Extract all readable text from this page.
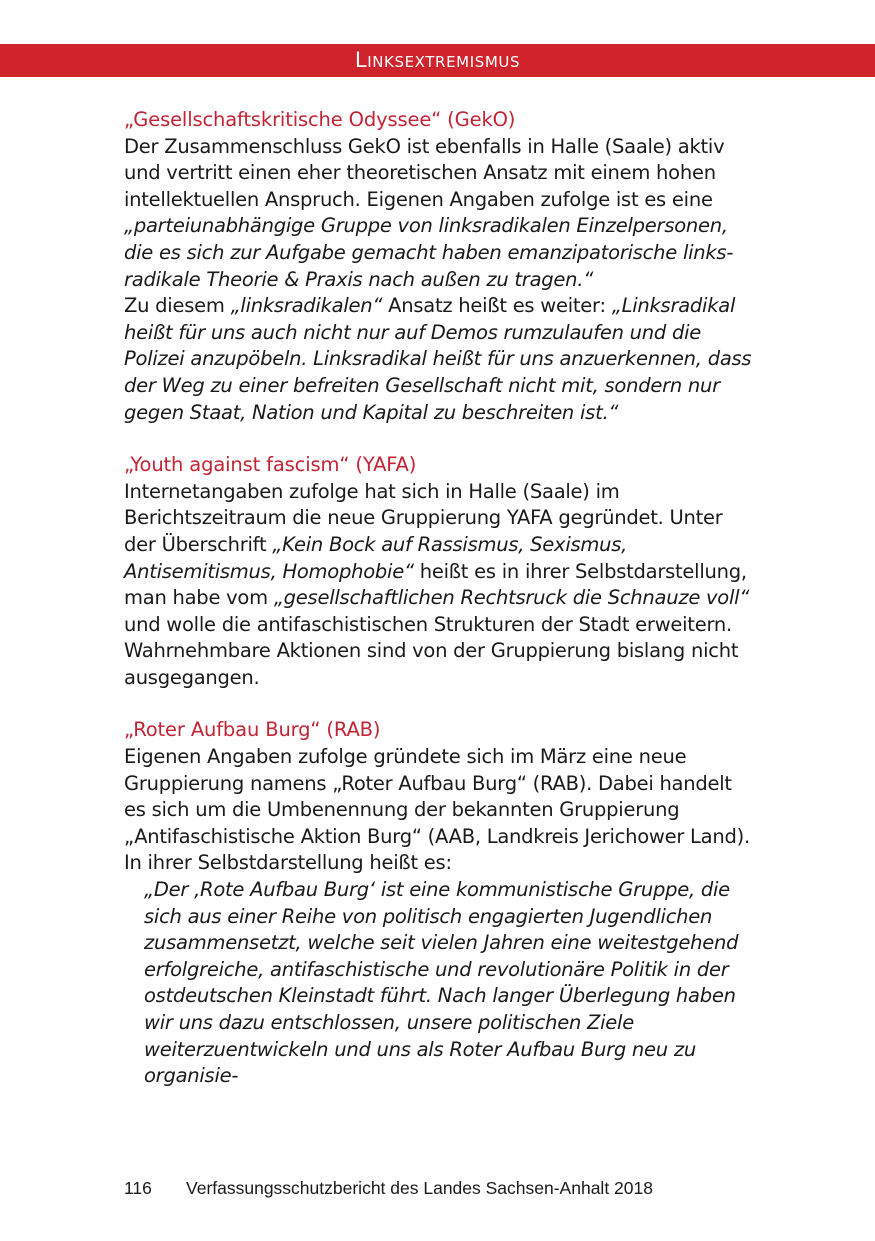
Linksextremismus
„Gesellschaftskritische Odyssee“ (GekO)

Der Zusammenschluss GekO ist ebenfalls in Halle (Saale) aktiv und vertritt einen eher theoretischen Ansatz mit einem hohen intellektuellen Anspruch. Eigenen Angaben zufolge ist es eine

„parteiunabhängige Gruppe von linksradikalen Einzelpersonen, die es sich zur Aufgabe gemacht haben emanzipatorische links-radikale Theorie & Praxis nach außen zu tragen.“

Zu diesem „linksradikalen“ Ansatz heißt es weiter: „Linksradikal heißt für uns auch nicht nur auf Demos rumzulaufen und die Polizei anzupöbeln. Linksradikal heißt für uns anzuerkennen, dass der Weg zu einer befreiten Gesellschaft nicht mit, sondern nur gegen Staat, Nation und Kapital zu beschreiten ist.“

„Youth against fascism“ (YAFA)

Internetangaben zufolge hat sich in Halle (Saale) im Berichtszeitraum die neue Gruppierung YAFA gegründet. Unter der Überschrift „Kein Bock auf Rassismus, Sexismus, Antisemitismus, Homophobie“ heißt es in ihrer Selbstdarstellung, man habe vom „gesellschaftlichen Rechtsruck die Schnauze voll“ und wolle die antifaschistischen Strukturen der Stadt erweitern. Wahrnehmbare Aktionen sind von der Gruppierung bislang nicht ausgegangen.

„Roter Aufbau Burg“ (RAB)

Eigenen Angaben zufolge gründete sich im März eine neue Gruppierung namens „Roter Aufbau Burg“ (RAB). Dabei handelt es sich um die Umbenennung der bekannten Gruppierung „Antifaschistische Aktion Burg“ (AAB, Landkreis Jerichower Land). In ihrer Selbstdarstellung heißt es:

„Der ‚Rote Aufbau Burg‘ ist eine kommunistische Gruppe, die sich aus einer Reihe von politisch engagierten Jugendlichen zusammensetzt, welche seit vielen Jahren eine weitestgehend erfolgreiche, antifaschistische und revolutionäre Politik in der ostdeutschen Kleinstadt führt. Nach langer Überlegung haben wir uns dazu entschlossen, unsere politischen Ziele weiterzuentwickeln und uns als Roter Aufbau Burg neu zu organisie-

116	Verfassungsschutzbericht des Landes Sachsen-Anhalt 2018
